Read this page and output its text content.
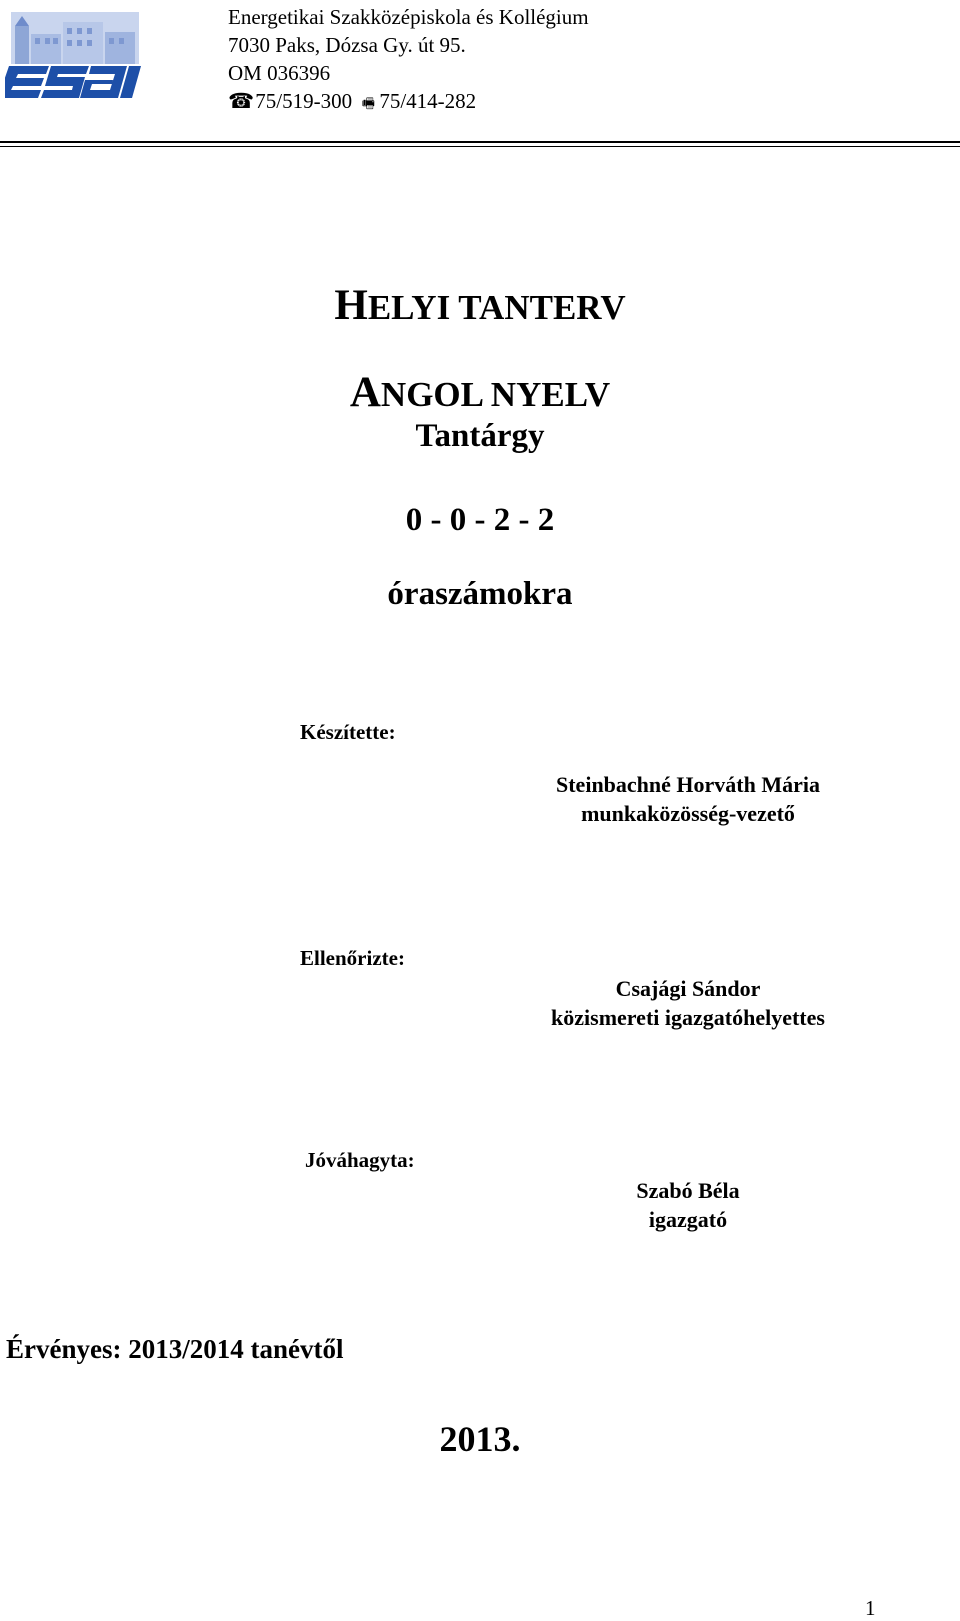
Energetikai Szakközépiskola és Kollégium
7030 Paks, Dózsa Gy. út 95.
OM 036396
☎ 75/519-300 🖷 75/414-282
HELYI TANTERV
ANGOL NYELV
Tantárgy
0 - 0 - 2 - 2
óraszámokra
Készítette:
Steinbachné Horváth Mária
munkaközösség-vezető
Ellenőrizte:
Csajági Sándor
közismereti igazgatóhelyettes
Jóváhagyta:
Szabó Béla
igazgató
Érvényes: 2013/2014 tanévtől
2013.
1
